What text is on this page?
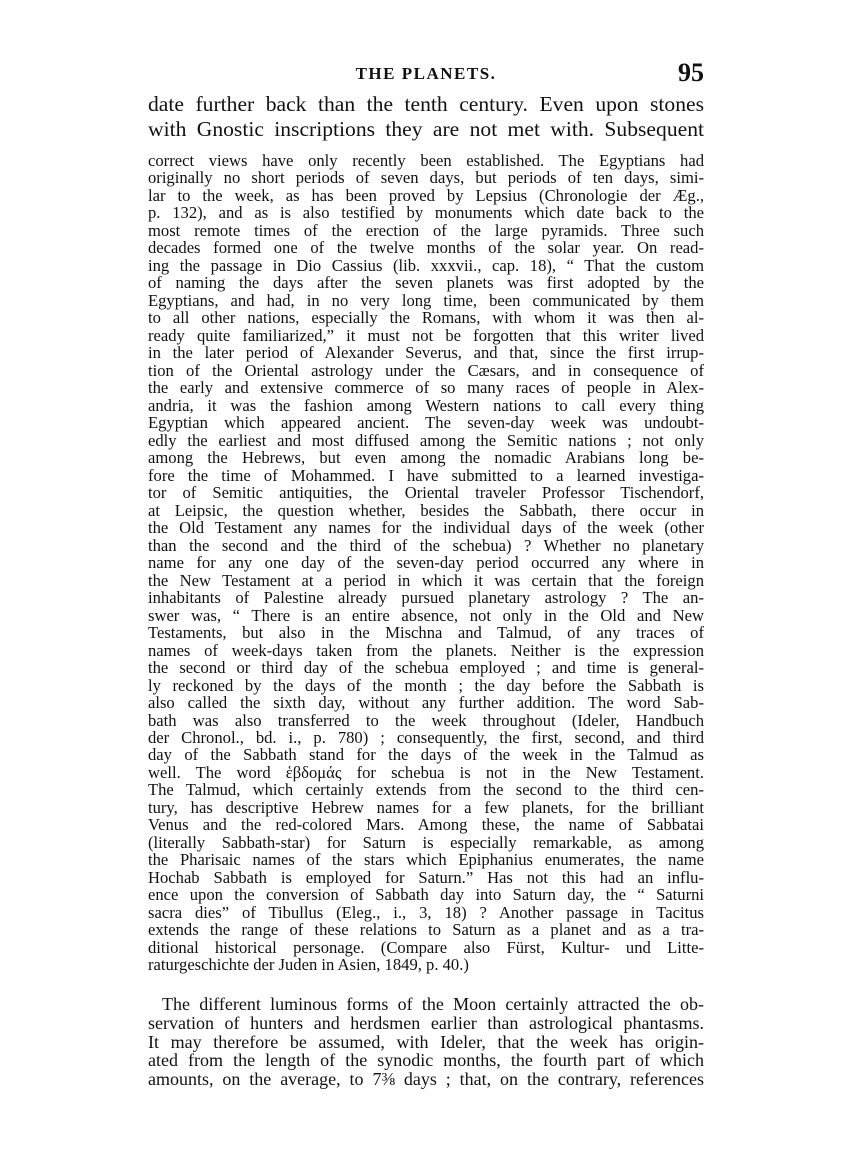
THE PLANETS.	95
date further back than the tenth century. Even upon stones
with Gnostic inscriptions they are not met with. Subsequent
correct views have only recently been established. The Egyptians had
originally no short periods of seven days, but periods of ten days, simi-
lar to the week, as has been proved by Lepsius (Chronologie der Æg.,
p. 132), and as is also testified by monuments which date back to the
most remote times of the erection of the large pyramids. Three such
decades formed one of the twelve months of the solar year. On read-
ing the passage in Dio Cassius (lib. xxxvii., cap. 18), “ That the custom
of naming the days after the seven planets was first adopted by the
Egyptians, and had, in no very long time, been communicated by them
to all other nations, especially the Romans, with whom it was then al-
ready quite familiarized,” it must not be forgotten that this writer lived
in the later period of Alexander Severus, and that, since the first irrup-
tion of the Oriental astrology under the Cæsars, and in consequence of
the early and extensive commerce of so many races of people in Alex-
andria, it was the fashion among Western nations to call every thing
Egyptian which appeared ancient. The seven-day week was undoubt-
edly the earliest and most diffused among the Semitic nations ; not only
among the Hebrews, but even among the nomadic Arabians long be-
fore the time of Mohammed. I have submitted to a learned investiga-
tor of Semitic antiquities, the Oriental traveler Professor Tischendorf,
at Leipsic, the question whether, besides the Sabbath, there occur in
the Old Testament any names for the individual days of the week (other
than the second and the third of the schebua) ? Whether no planetary
name for any one day of the seven-day period occurred any where in
the New Testament at a period in which it was certain that the foreign
inhabitants of Palestine already pursued planetary astrology ? The an-
swer was, “ There is an entire absence, not only in the Old and New
Testaments, but also in the Mischna and Talmud, of any traces of
names of week-days taken from the planets. Neither is the expression
the second or third day of the schebua employed ; and time is general-
ly reckoned by the days of the month ; the day before the Sabbath is
also called the sixth day, without any further addition. The word Sab-
bath was also transferred to the week throughout (Ideler, Handbuch
der Chronol., bd. i., p. 780) ; consequently, the first, second, and third
day of the Sabbath stand for the days of the week in the Talmud as
well. The word ἑβδομάς for schebua is not in the New Testament.
The Talmud, which certainly extends from the second to the third cen-
tury, has descriptive Hebrew names for a few planets, for the brilliant
Venus and the red-colored Mars. Among these, the name of Sabbatai
(literally Sabbath-star) for Saturn is especially remarkable, as among
the Pharisaic names of the stars which Epiphanius enumerates, the name
Hochab Sabbath is employed for Saturn.” Has not this had an influ-
ence upon the conversion of Sabbath day into Saturn day, the “ Saturni
sacra dies” of Tibullus (Eleg., i., 3, 18) ? Another passage in Tacitus
extends the range of these relations to Saturn as a planet and as a tra-
ditional historical personage. (Compare also Fürst, Kultur- und Litte-
raturgeschichte der Juden in Asien, 1849, p. 40.)
The different luminous forms of the Moon certainly attracted the ob-
servation of hunters and herdsmen earlier than astrological phantasms.
It may therefore be assumed, with Ideler, that the week has origin-
ated from the length of the synodic months, the fourth part of which
amounts, on the average, to 7⅜ days ; that, on the contrary, references
